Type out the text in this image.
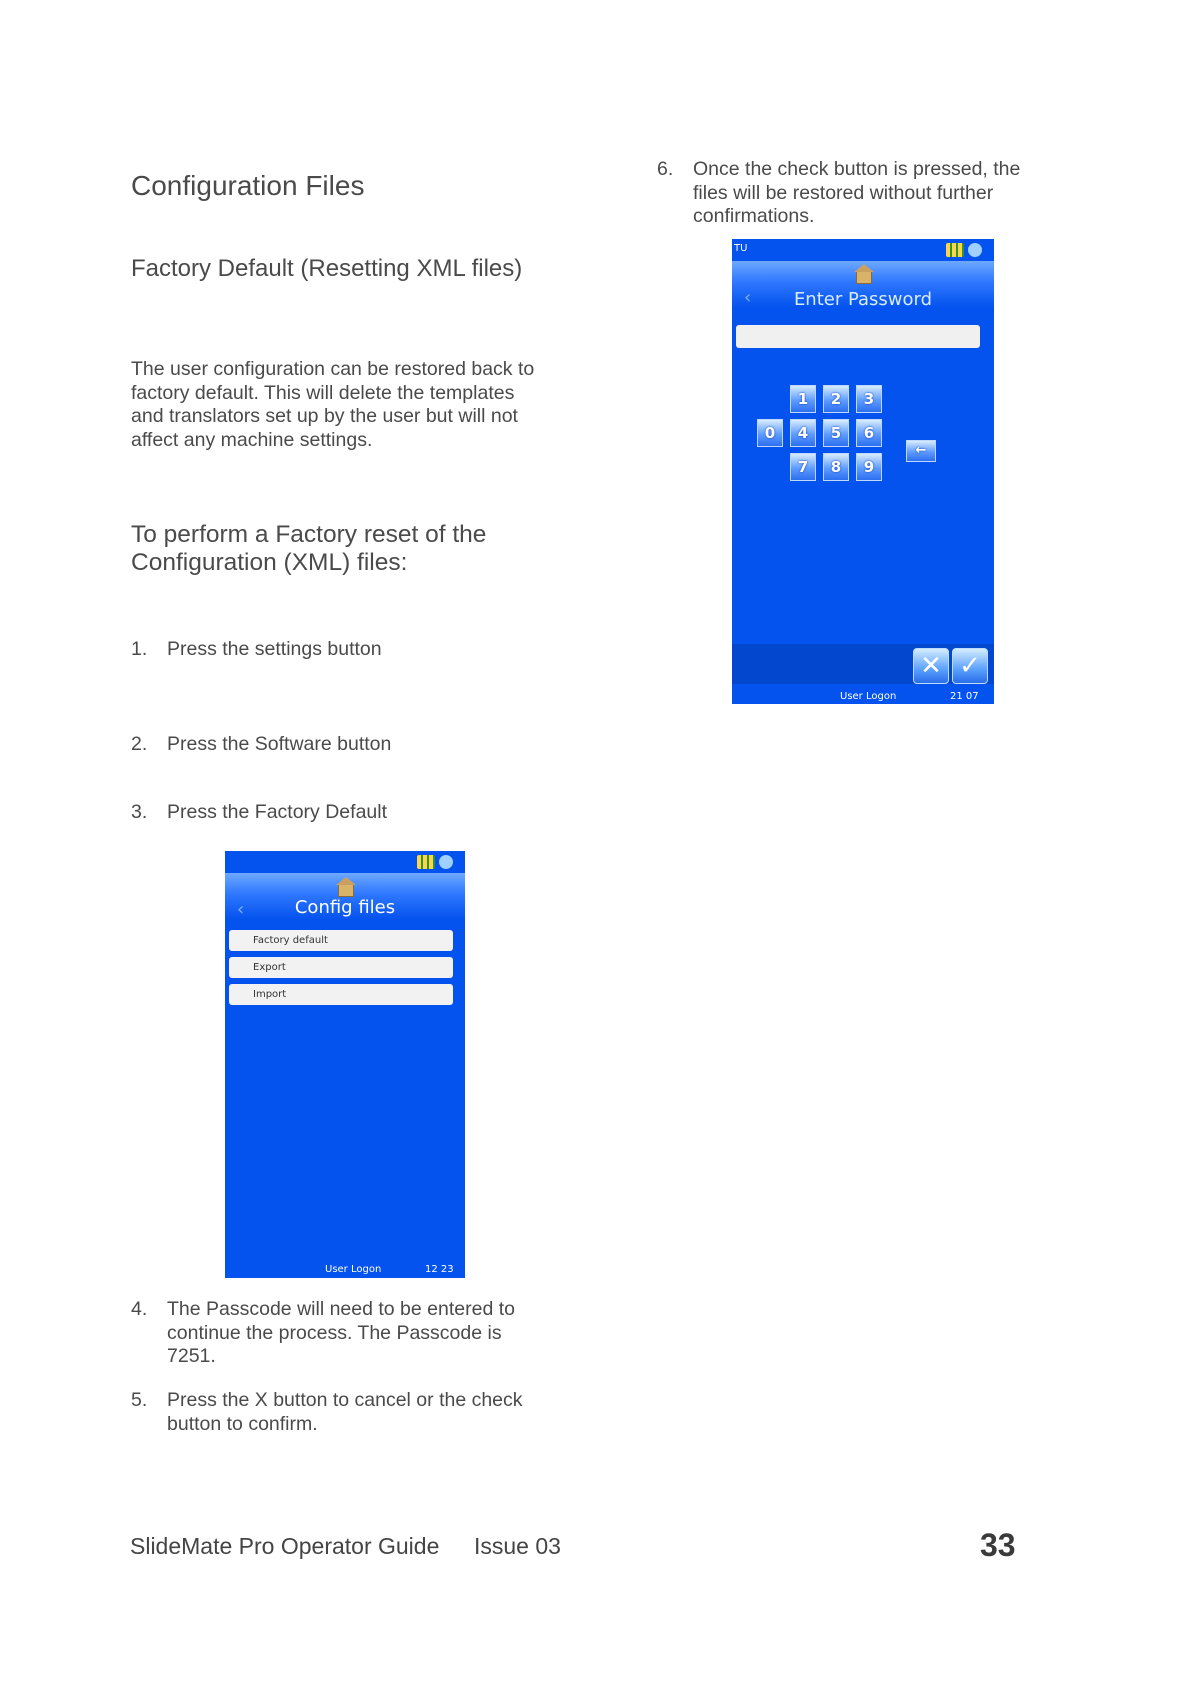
Configuration Files
Factory Default (Resetting XML files)
The user configuration can be restored back to
factory default. This will delete the templates
and translators set up by the user but will not
affect any machine settings.
To perform a Factory reset of the
Configuration (XML) files:
1. Press the settings button
2. Press the Software button
3. Press the Factory Default
‹	Config files
Factory default
Export
Import
User Logon	12 23
4. The Passcode will need to be entered to
continue the process. The Passcode is
7251.
5. Press the X button to cancel or the check
button to confirm.
6. Once the check button is pressed, the
files will be restored without further
confirmations.
TU
‹	Enter Password
1	2	3
0	4	5	6
7	8	9
←
✕ ✓
User Logon	21 07
SlideMate Pro Operator Guide Issue 03	33
